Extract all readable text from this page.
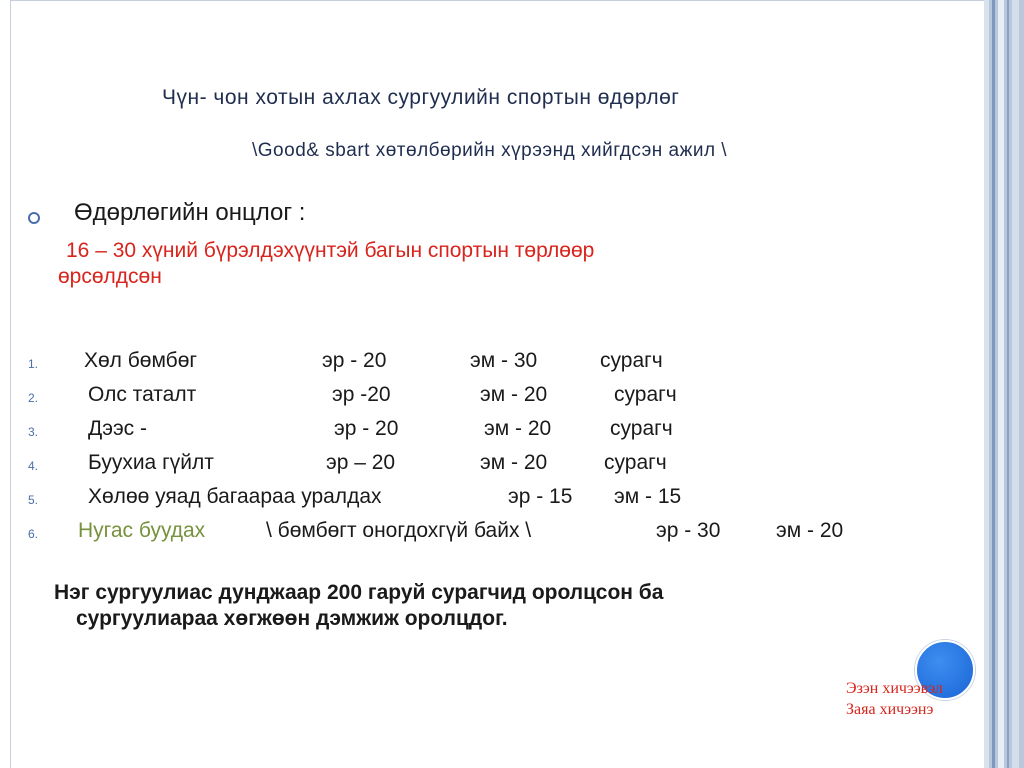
Чүн- чон хотын ахлах сургуулийн спортын өдөрлөг
\Good& sbart хөтөлбөрийн хүрээнд хийгдсэн ажил \
Өдөрлөгийн онцлог :
16 – 30 хүний бүрэлдэхүүнтэй багын спортын төрлөөр
өрсөлдсөн
1. Хөл бөмбөг	эр - 20	эм - 30	сурагч
2. Олс таталт	эр -20	эм - 20	сурагч
3. Дээс -	эр - 20	эм - 20	сурагч
4. Буухиа гүйлт	эр – 20	эм - 20	сурагч
5. Хөлөө уяад багаараа уралдах	эр - 15 эм - 15
6. Нугас буудах	\ бөмбөгт оногдохгүй байх \	эр - 30	эм - 20
Нэг сургуулиас дунджаар 200 гаруй сурагчид оролцсон ба
сургуулиараа хөгжөөн дэмжиж оролцдог.
Эзэн хичээвэл
Заяа хичээнэ
